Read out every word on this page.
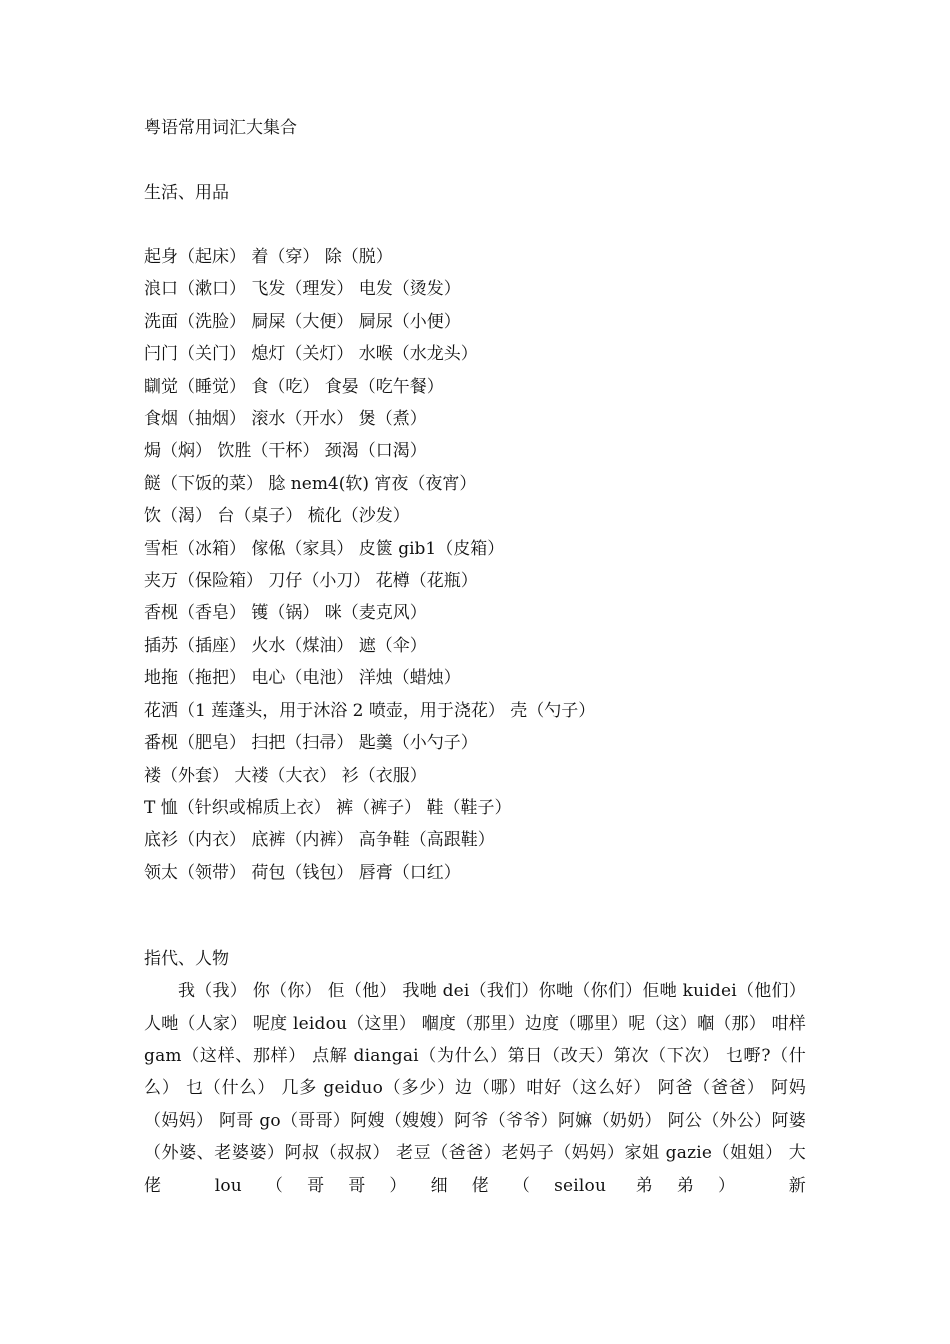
粤语常用词汇大集合

生活、用品

起身（起床） 着（穿） 除（脱）
浪口（漱口） 飞发（理发） 电发（烫发）
洗面（洗脸） 屙屎（大便） 屙尿（小便）
闩门（关门） 熄灯（关灯） 水喉（水龙头）
瞓觉（睡觉） 食（吃） 食晏（吃午餐）
食烟（抽烟） 滚水（开水） 煲（煮）
焗（焖） 饮胜（干杯） 颈渴（口渴）
餸（下饭的菜） 腍 nem4(软) 宵夜（夜宵）
饮（渴） 台（桌子） 梳化（沙发）
雪柜（冰箱） 傢俬（家具） 皮篋 gib1（皮箱）
夹万（保险箱） 刀仔（小刀） 花樽（花瓶）
香枧（香皂） 镬（锅） 咪（麦克风）
插苏（插座） 火水（煤油） 遮（伞）
地拖（拖把） 电心（电池） 洋烛（蜡烛）
花洒（1 莲蓬头，用于沐浴 2 喷壶，用于浇花） 壳（勺子）
番枧（肥皂） 扫把（扫帚） 匙羹（小勺子）
褛（外套） 大褛（大衣） 衫（衣服）
T 恤（针织或棉质上衣） 裤（裤子） 鞋（鞋子）
底衫（内衣） 底裤（内裤） 高争鞋（高跟鞋）
领太（领带） 荷包（钱包） 唇膏（口红）

指代、人物

我（我） 你（你） 佢（他） 我哋 dei（我们）你哋（你们）佢哋 kuidei（他们） 人哋（人家） 呢度 leidou（这里） 嗰度（那里）边度（哪里）呢（这）嗰（那） 咁样 gam（这样、那样） 点解 diangai（为什么）第日（改天）第次（下次） 乜嘢?（什么） 乜（什么） 几多 geiduo（多少）边（哪）咁好（这么好） 阿爸（爸爸） 阿妈（妈妈） 阿哥 go（哥哥）阿嫂（嫂嫂）阿爷（爷爷）阿嫲（奶奶） 阿公（外公）阿婆（外婆、老婆婆）阿叔（叔叔） 老豆（爸爸）老妈子（妈妈）家姐 gazie（姐姐） 大佬 lou（哥哥）细佬（seilou 弟弟） 新
